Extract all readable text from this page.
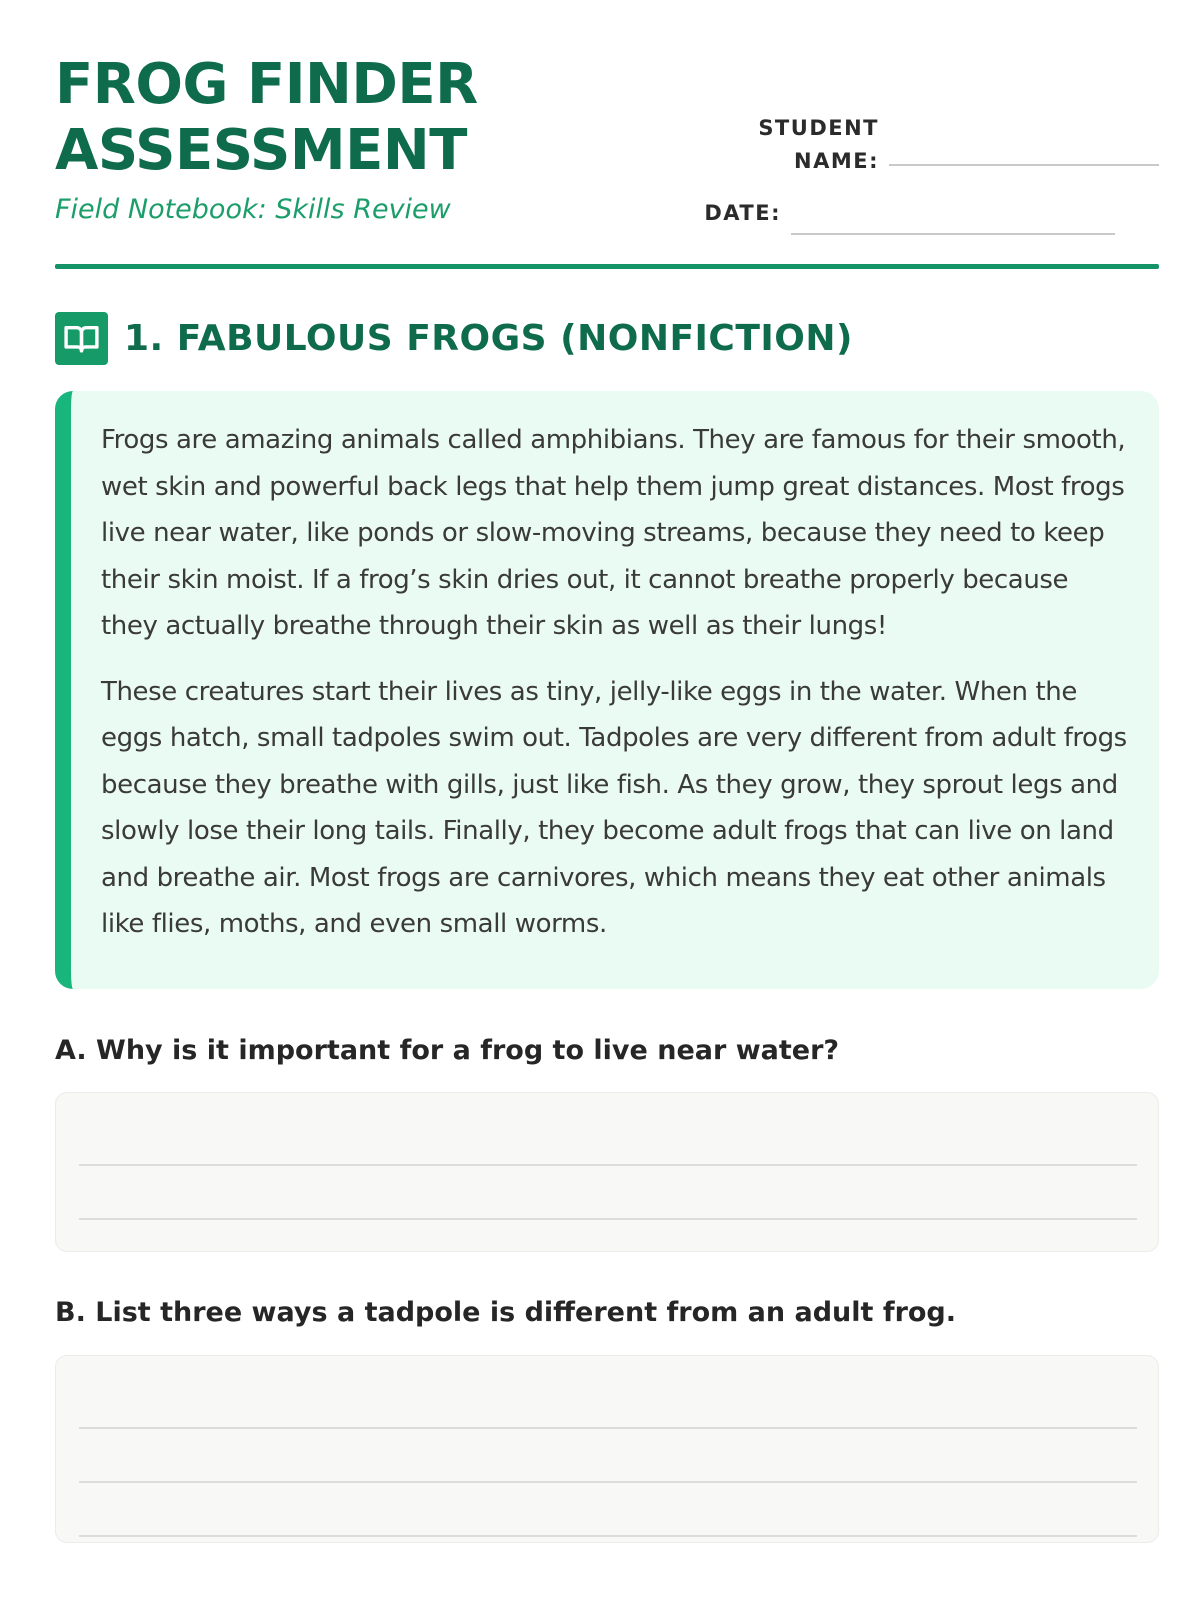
FROG FINDER
ASSESSMENT
Field Notebook: Skills Review
STUDENT
NAME:
DATE:
1. FABULOUS FROGS (NONFICTION)

Frogs are amazing animals called amphibians. They are famous for their smooth, wet skin and powerful back legs that help them jump great distances. Most frogs live near water, like ponds or slow-moving streams, because they need to keep their skin moist. If a frog’s skin dries out, it cannot breathe properly because they actually breathe through their skin as well as their lungs!

These creatures start their lives as tiny, jelly-like eggs in the water. When the eggs hatch, small tadpoles swim out. Tadpoles are very different from adult frogs because they breathe with gills, just like fish. As they grow, they sprout legs and slowly lose their long tails. Finally, they become adult frogs that can live on land and breathe air. Most frogs are carnivores, which means they eat other animals like flies, moths, and even small worms.

A. Why is it important for a frog to live near water?
B. List three ways a tadpole is different from an adult frog.
